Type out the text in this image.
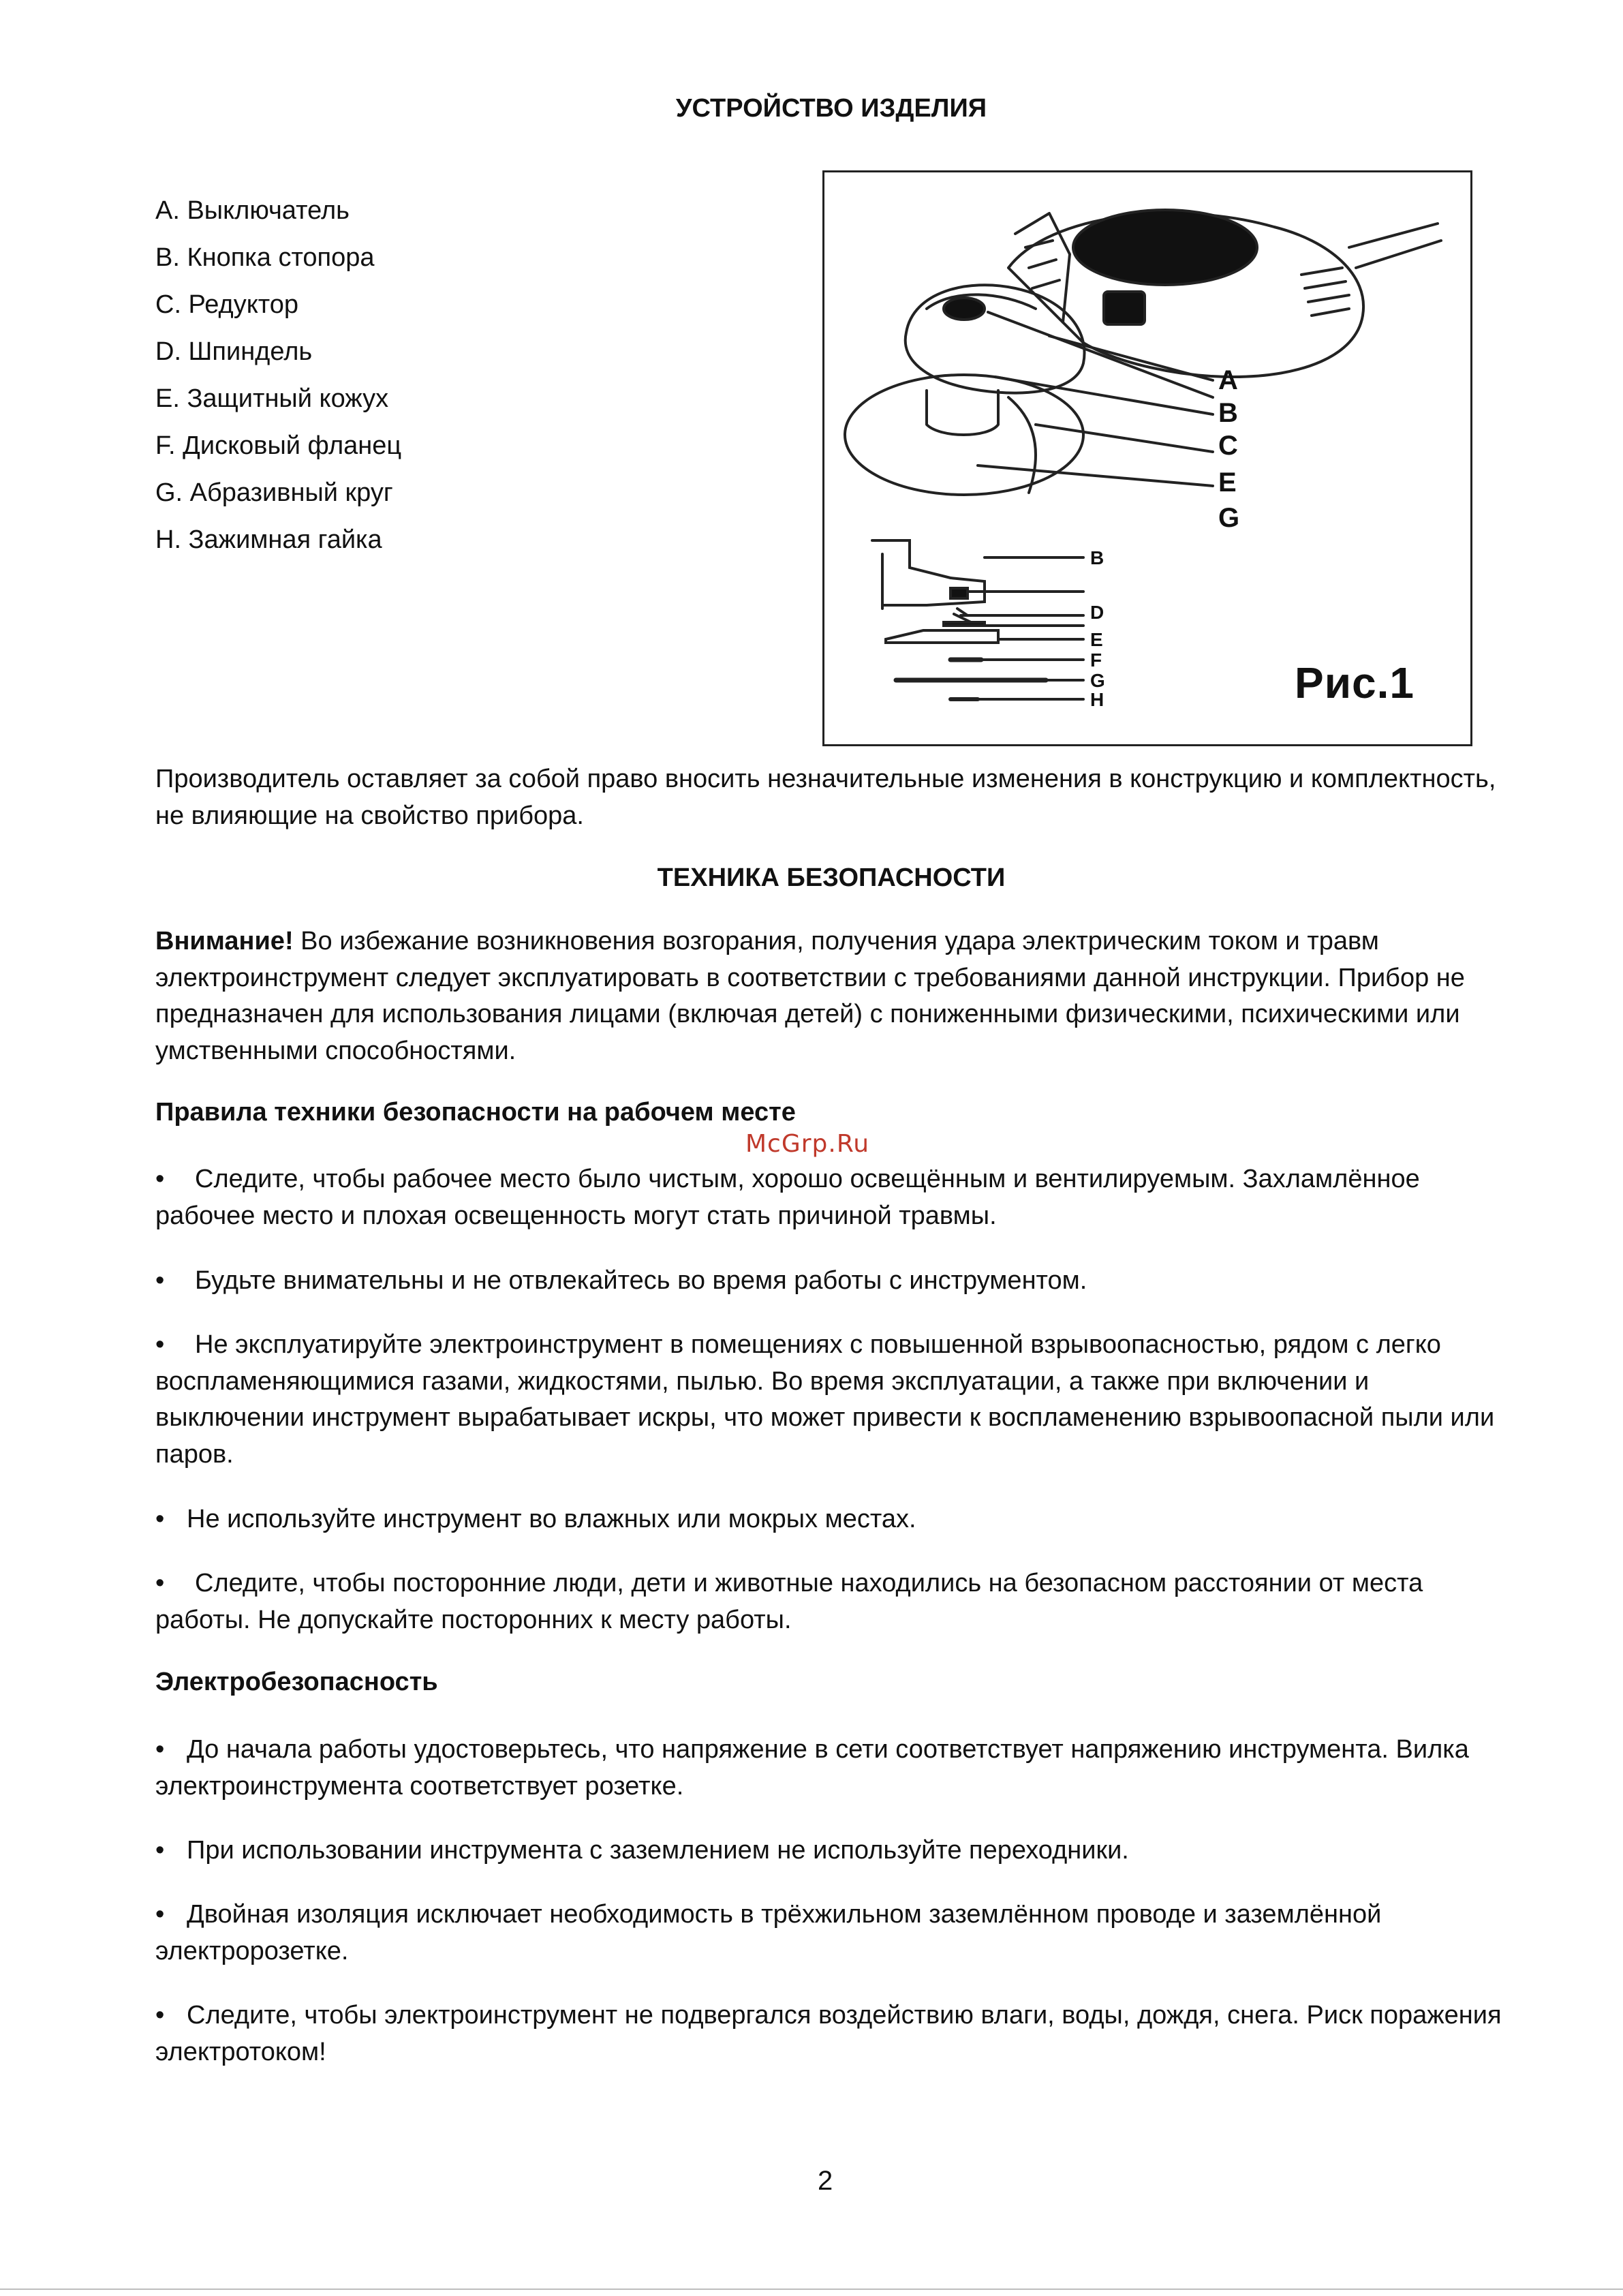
УСТРОЙСТВО ИЗДЕЛИЯ
A. Выключатель
B. Кнопка стопора
C. Редуктор
D. Шпиндель
E. Защитный кожух
F. Дисковый фланец
G. Абразивный круг
H. Зажимная гайка
A
B
C
E
G
B
D
E
F
G
H	Рис.1

Производитель оставляет за собой право вносить незначительные изменения в конструкцию и комплектность, не влияющие на свойство прибора.

ТЕХНИКА БЕЗОПАСНОСТИ

Внимание! Во избежание возникновения возгорания, получения удара электрическим током и травм электроинструмент следует эксплуатировать в соответствии с требованиями данной инструкции. Прибор не предназначен для использования лицами (включая детей) с пониженными физическими, психическими или умственными способностями.

Правила техники безопасности на рабочем месте
McGrp.Ru

• Следите, чтобы рабочее место было чистым, хорошо освещённым и вентилируемым. Захламлённое рабочее место и плохая освещенность могут стать причиной травмы.

• Будьте внимательны и не отвлекайтесь во время работы с инструментом.

• Не эксплуатируйте электроинструмент в помещениях с повышенной взрывоопасностью, рядом с легко воспламеняющимися газами, жидкостями, пылью. Во время эксплуатации, а также при включении и выключении инструмент вырабатывает искры, что может привести к воспламенению взрывоопасной пыли или паров.

• Не используйте инструмент во влажных или мокрых местах.

• Следите, чтобы посторонние люди, дети и животные находились на безопасном расстоянии от места работы. Не допускайте посторонних к месту работы.

Электробезопасность

• До начала работы удостоверьтесь, что напряжение в сети соответствует напряжению инструмента. Вилка электроинструмента соответствует розетке.

• При использовании инструмента с заземлением не используйте переходники.

• Двойная изоляция исключает необходимость в трёхжильном заземлённом проводе и заземлённой электророзетке.

• Следите, чтобы электроинструмент не подвергался воздействию влаги, воды, дождя, снега. Риск поражения электротоком!

2
